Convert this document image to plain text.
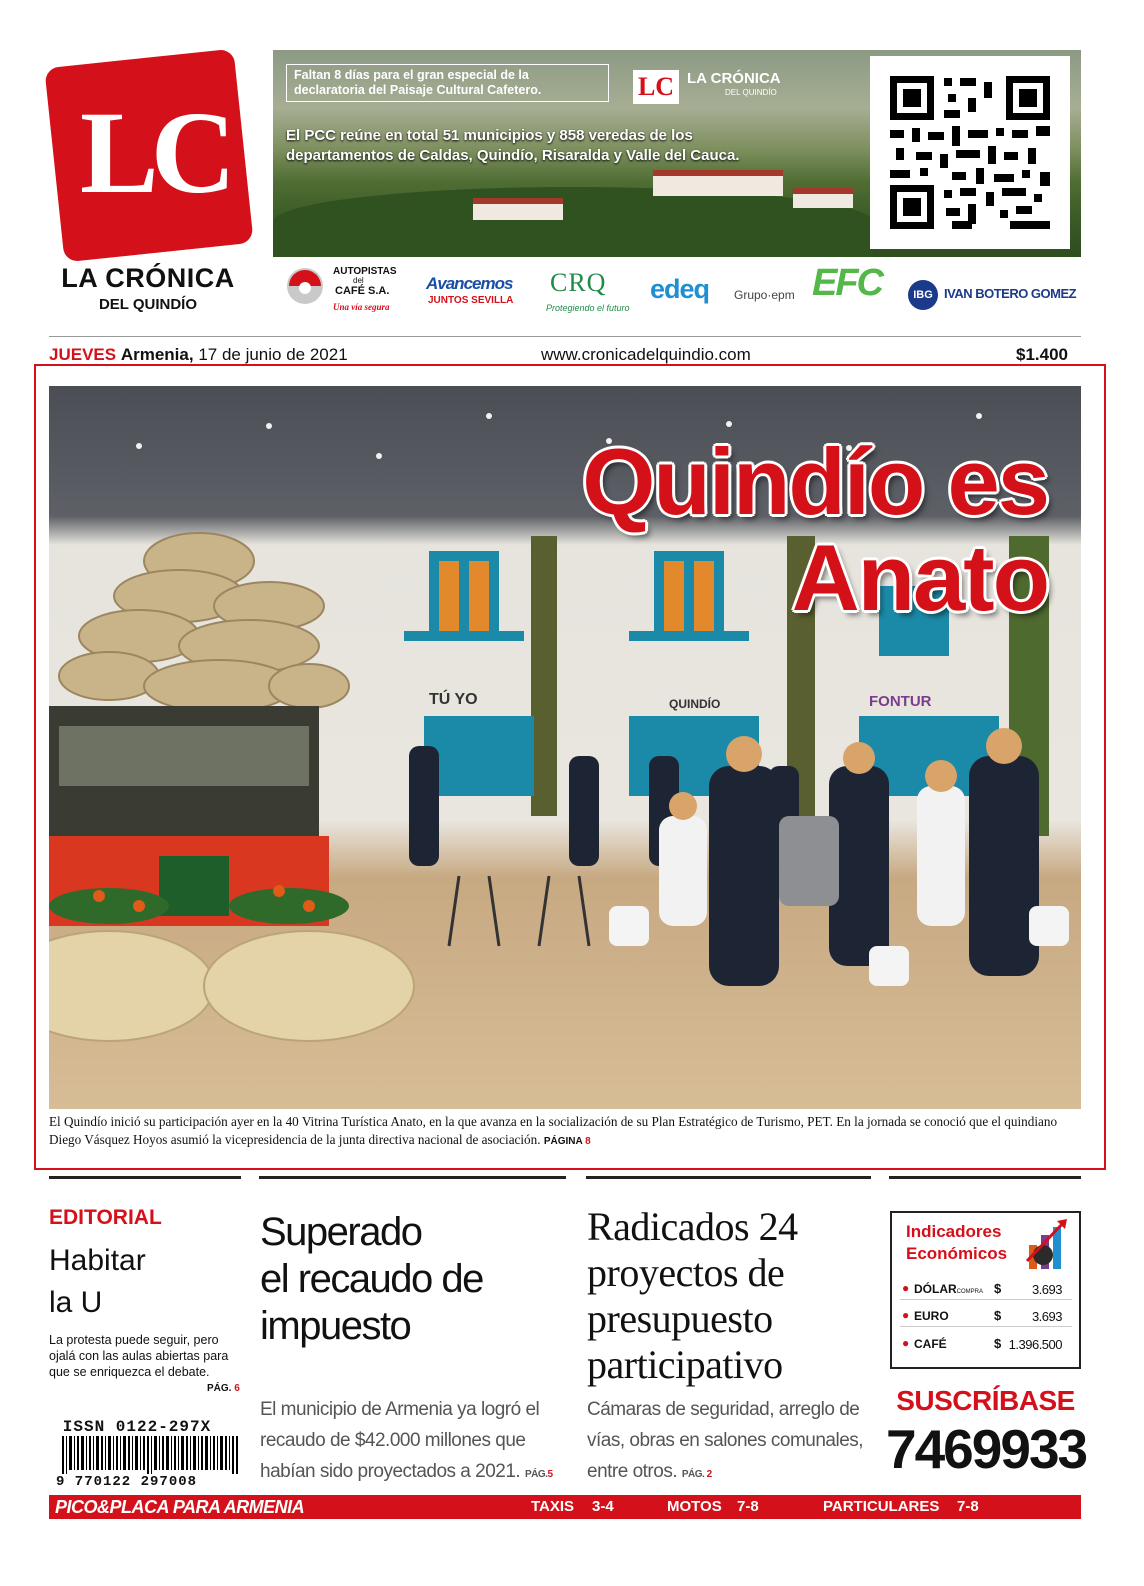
LC
LA CRÓNICA
DEL QUINDÍO
Faltan 8 días para el gran especial de la declaratoria del Paisaje Cultural Cafetero.	LC LA CRÓNICA
DEL QUINDÍO
El PCC reúne en total 51 municipios y 858 veredas de los departamentos de Caldas, Quindío, Risaralda y Valle del Cauca.
AUTOPISTAS
del
CAFÉ S.A.
Una vía segura
Avancemos
JUNTOS SEVILLA
CRQ
Protegiendo el futuro
edeq Grupo·epm EFC	IBG IVAN BOTERO GOMEZ
JUEVES Armenia, 17 de junio de 2021	www.cronicadelquindio.com	$1.400
TÚ YO	QUINDÍO	FONTUR
Quindío es
Anato
El Quindío inició su participación ayer en la 40 Vitrina Turística Anato, en la que avanza en la socialización de su Plan Estratégico de Turismo, PET. En la jornada se conoció que el quindiano Diego Vásquez Hoyos asumió la vicepresidencia de la junta directiva nacional de asociación. PÁGINA 8
EDITORIAL
Habitar
la U
La protesta puede seguir, pero ojalá con las aulas abiertas para que se enriquezca el debate.
PÁG. 6
ISSN 0122-297X
9 770122 297008
Superado
el recaudo de
impuesto
El municipio de Armenia ya logró el
recaudo de $42.000 millones que
habían sido proyectados a 2021. PÁG.5
Radicados 24
proyectos de
presupuesto
participativo
Cámaras de seguridad, arreglo de
vías, obras en salones comunales,
entre otros. PÁG. 2
Indicadores
Económicos
● DÓLARCOMPRA $ 3.693
● EURO	$ 3.693
● CAFÉ	$ 1.396.500
SUSCRÍBASE
7469933
PICO&PLACA PARA ARMENIA	TAXIS 3-4	MOTOS 7-8	PARTICULARES 7-8
